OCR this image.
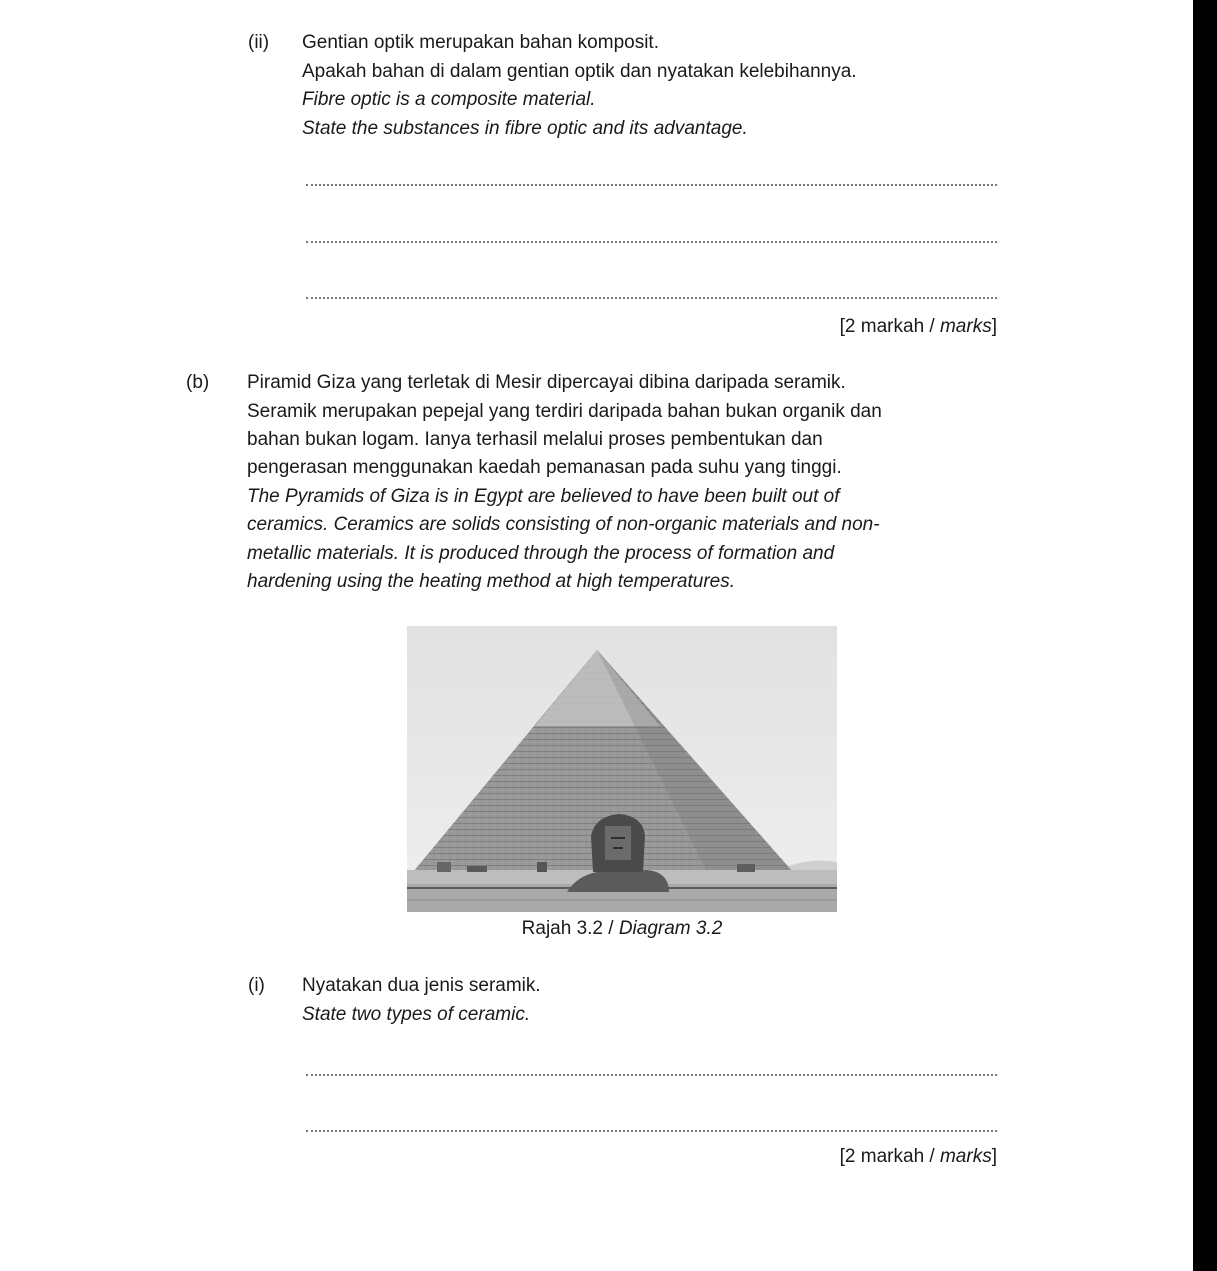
(ii) Gentian optik merupakan bahan komposit.
Apakah bahan di dalam gentian optik dan nyatakan kelebihannya.
Fibre optic is a composite material.
State the substances in fibre optic and its advantage.
[2 markah / marks]
(b) Piramid Giza yang terletak di Mesir dipercayai dibina daripada seramik.
Seramik merupakan pepejal yang terdiri daripada bahan bukan organik dan
bahan bukan logam. Ianya terhasil melalui proses pembentukan dan
pengerasan menggunakan kaedah pemanasan pada suhu yang tinggi.
The Pyramids of Giza is in Egypt are believed to have been built out of
ceramics. Ceramics are solids consisting of non-organic materials and non-
metallic materials. It is produced through the process of formation and
hardening using the heating method at high temperatures.
Rajah 3.2 / Diagram 3.2
(i) Nyatakan dua jenis seramik.
State two types of ceramic.
[2 markah / marks]
